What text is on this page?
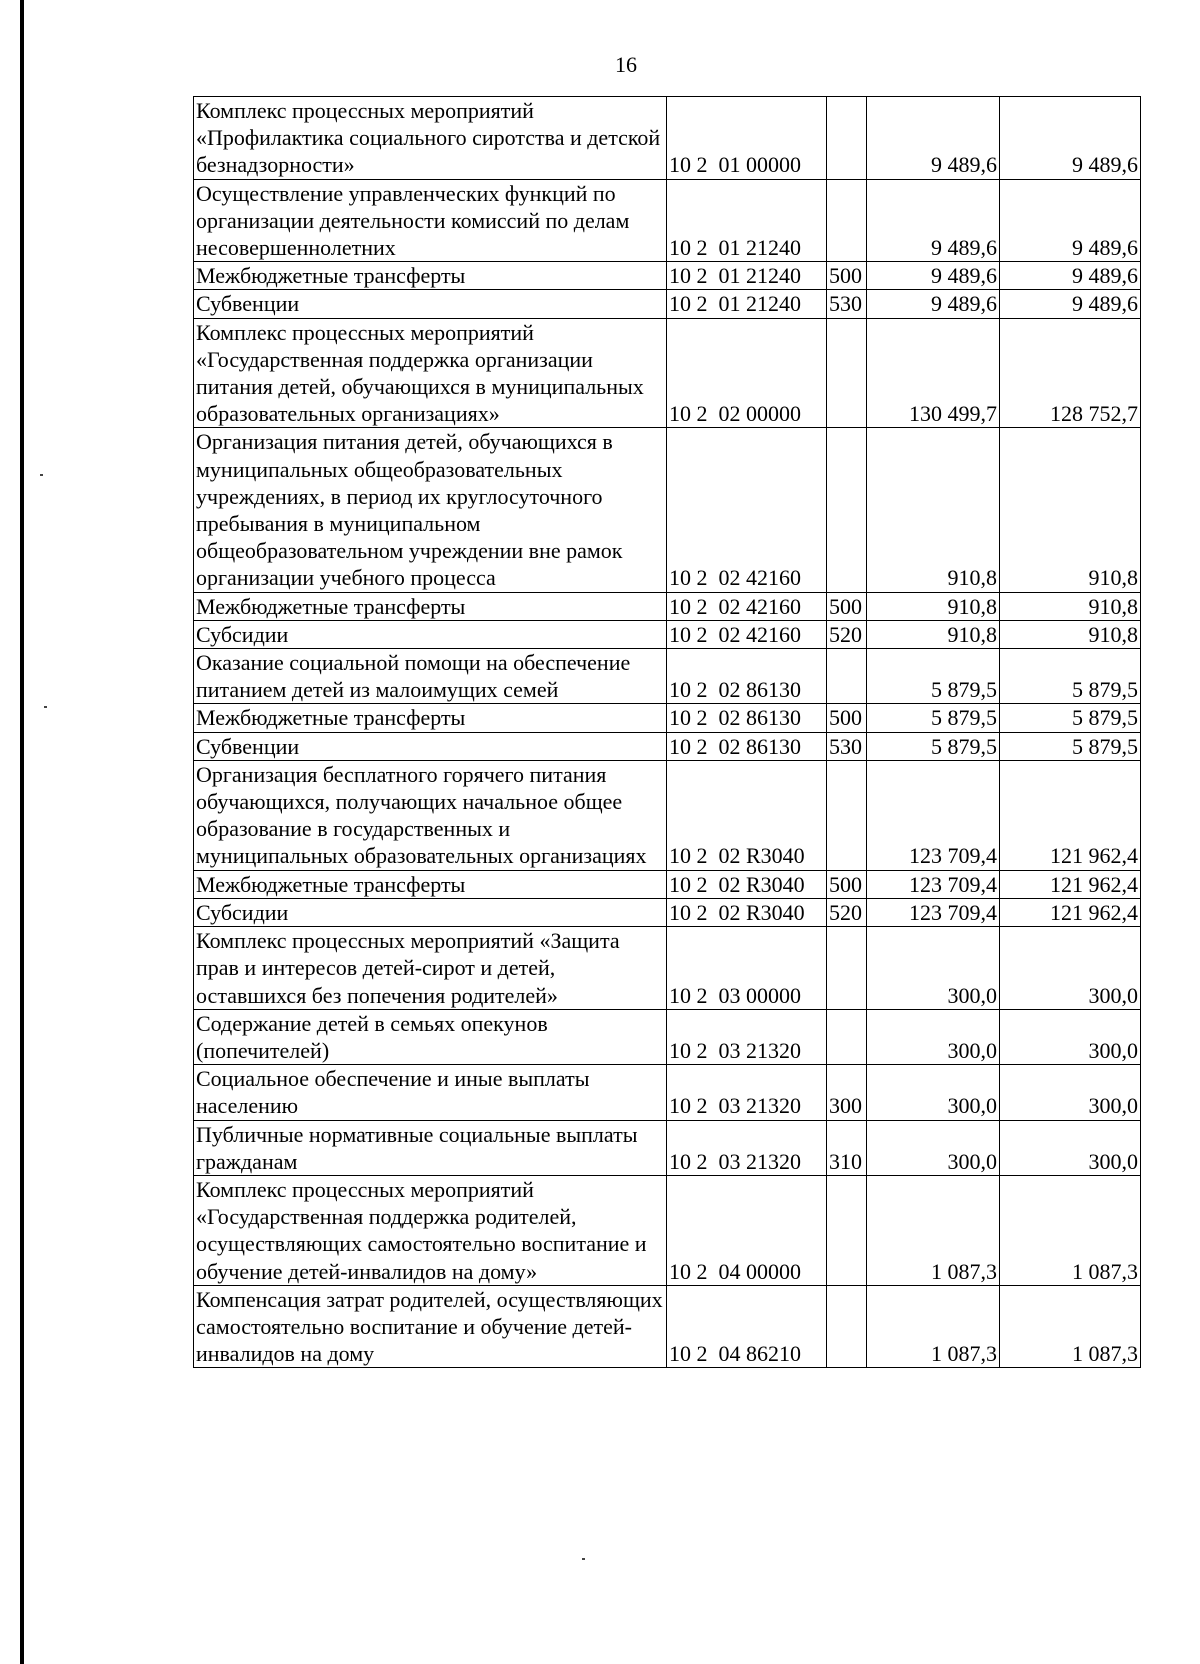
16
Комплекс процессных мероприятий «Профилактика социального сиротства и детской безнадзорности»	10 2  01 00000		9 489,6	9 489,6
Осуществление управленческих функций по организации деятельности комиссий по делам несовершеннолетних	10 2  01 21240		9 489,6	9 489,6
Межбюджетные трансферты	10 2  01 21240	500	9 489,6	9 489,6
Субвенции	10 2  01 21240	530	9 489,6	9 489,6
Комплекс процессных мероприятий «Государственная поддержка организации питания детей, обучающихся в муниципальных образовательных организациях»	10 2  02 00000		130 499,7	128 752,7
Организация питания детей, обучающихся в муниципальных общеобразовательных учреждениях, в период их круглосуточного пребывания в муниципальном общеобразовательном учреждении вне рамок организации учебного процесса	10 2  02 42160		910,8	910,8
Межбюджетные трансферты	10 2  02 42160	500	910,8	910,8
Субсидии	10 2  02 42160	520	910,8	910,8
Оказание социальной помощи на обеспечение питанием детей из малоимущих семей	10 2  02 86130		5 879,5	5 879,5
Межбюджетные трансферты	10 2  02 86130	500	5 879,5	5 879,5
Субвенции	10 2  02 86130	530	5 879,5	5 879,5
Организация бесплатного горячего питания обучающихся, получающих начальное общее образование в государственных и муниципальных образовательных организациях	10 2  02 R3040		123 709,4	121 962,4
Межбюджетные трансферты	10 2  02 R3040	500	123 709,4	121 962,4
Субсидии	10 2  02 R3040	520	123 709,4	121 962,4
Комплекс процессных мероприятий «Защита прав и интересов детей-сирот и детей, оставшихся без попечения родителей»	10 2  03 00000		300,0	300,0
Содержание детей в семьях опекунов (попечителей)	10 2  03 21320		300,0	300,0
Социальное обеспечение и иные выплаты населению	10 2  03 21320	300	300,0	300,0
Публичные нормативные социальные выплаты гражданам	10 2  03 21320	310	300,0	300,0
Комплекс процессных мероприятий «Государственная поддержка родителей, осуществляющих самостоятельно воспитание и обучение детей-инвалидов на дому»	10 2  04 00000		1 087,3	1 087,3
Компенсация затрат родителей, осуществляющих самостоятельно воспитание и обучение детей-инвалидов на дому	10 2  04 86210		1 087,3	1 087,3
